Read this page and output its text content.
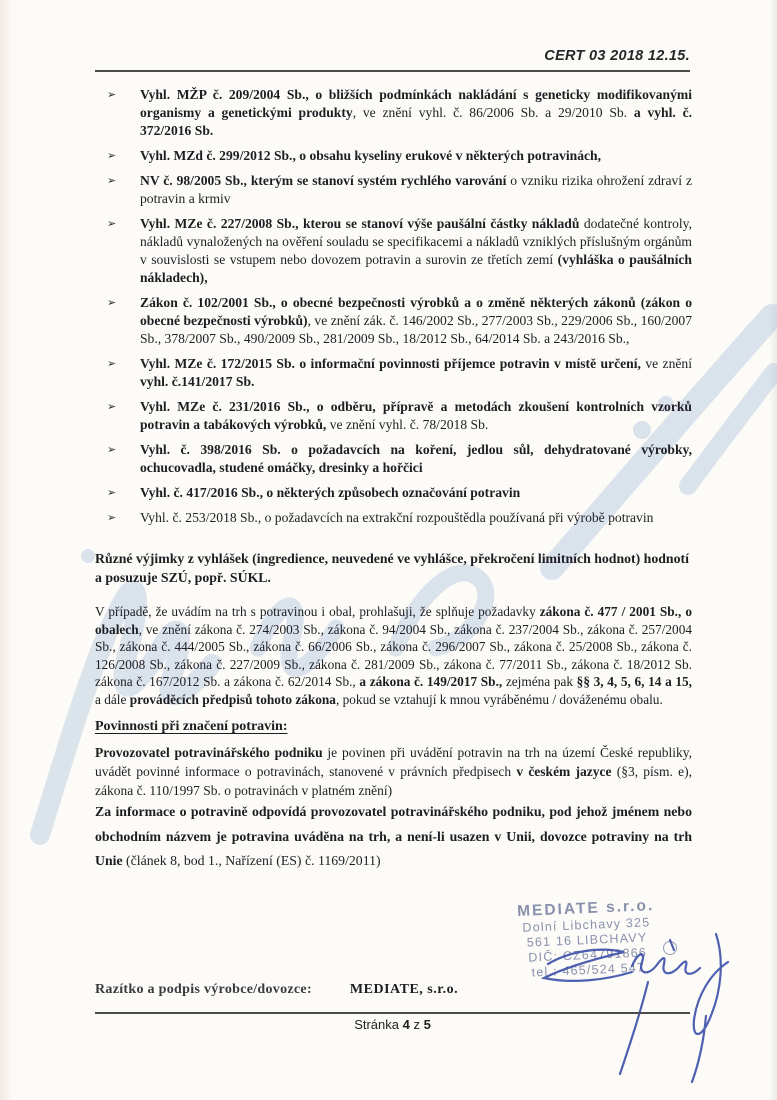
CERT 03 2018 12.15.
➢ Vyhl. MŽP č. 209/2004 Sb., o bližších podmínkách nakládání s geneticky modifikovanými organismy a genetickými produkty, ve znění vyhl. č. 86/2006 Sb. a 29/2010 Sb. a vyhl. č. 372/2016 Sb.
➢ Vyhl. MZd č. 299/2012 Sb., o obsahu kyseliny erukové v některých potravinách,
➢ NV č. 98/2005 Sb., kterým se stanoví systém rychlého varování o vzniku rizika ohrožení zdraví z potravin a krmiv
➢ Vyhl. MZe č. 227/2008 Sb., kterou se stanoví výše paušální částky nákladů dodatečné kontroly, nákladů vynaložených na ověření souladu se specifikacemi a nákladů vzniklých příslušným orgánům v souvislosti se vstupem nebo dovozem potravin a surovin ze třetích zemí (vyhláška o paušálních nákladech),
➢ Zákon č. 102/2001 Sb., o obecné bezpečnosti výrobků a o změně některých zákonů (zákon o obecné bezpečnosti výrobků), ve znění zák. č. 146/2002 Sb., 277/2003 Sb., 229/2006 Sb., 160/2007 Sb., 378/2007 Sb., 490/2009 Sb., 281/2009 Sb., 18/2012 Sb., 64/2014 Sb. a 243/2016 Sb.,
➢ Vyhl. MZe č. 172/2015 Sb. o informační povinnosti příjemce potravin v místě určení, ve znění vyhl. č.141/2017 Sb.
➢ Vyhl. MZe č. 231/2016 Sb., o odběru, přípravě a metodách zkoušení kontrolních vzorků potravin a tabákových výrobků, ve znění vyhl. č. 78/2018 Sb.
➢ Vyhl. č. 398/2016 Sb. o požadavcích na koření, jedlou sůl, dehydratované výrobky, ochucovadla, studené omáčky, dresinky a hořčici
➢ Vyhl. č. 417/2016 Sb., o některých způsobech označování potravin
➢ Vyhl. č. 253/2018 Sb., o požadavcích na extrakční rozpouštědla používaná při výrobě potravin

Různé výjimky z vyhlášek (ingredience, neuvedené ve vyhlášce, překročení limitních hodnot) hodnotí a posuzuje SZÚ, popř. SÚKL.

V případě, že uvádím na trh s potravinou i obal, prohlašuji, že splňuje požadavky zákona č. 477 / 2001 Sb., o obalech, ve znění zákona č. 274/2003 Sb., zákona č. 94/2004 Sb., zákona č. 237/2004 Sb., zákona č. 257/2004 Sb., zákona č. 444/2005 Sb., zákona č. 66/2006 Sb., zákona č. 296/2007 Sb., zákona č. 25/2008 Sb., zákona č. 126/2008 Sb., zákona č. 227/2009 Sb., zákona č. 281/2009 Sb., zákona č. 77/2011 Sb., zákona č. 18/2012 Sb. zákona č. 167/2012 Sb. a zákona č. 62/2014 Sb., a zákona č. 149/2017 Sb., zejména pak §§ 3, 4, 5, 6, 14 a 15, a dále prováděcích předpisů tohoto zákona, pokud se vztahují k mnou vyráběnému / dováženému obalu.

Povinnosti při značení potravin:

Provozovatel potravinářského podniku je povinen při uvádění potravin na trh na území České republiky, uvádět povinné informace o potravinách, stanovené v právních předpisech v českém jazyce (§3, písm. e), zákona č. 110/1997 Sb. o potravinách v platném znění)

Za informace o potravině odpovídá provozovatel potravinářského podniku, pod jehož jménem nebo obchodním názvem je potravina uváděna na trh, a není-li usazen v Unii, dovozce potraviny na trh Unie (článek 8, bod 1., Nařízení (ES) č. 1169/2011)

MEDIATE s.r.o.
Dolní Libchavy 325
561 16 LIBCHAVY
DIČ: CZ64791866
tel.: 465/524 547
Razítko a podpis výrobce/dovozce:	MEDIATE, s.r.o.
Stránka 4 z 5
